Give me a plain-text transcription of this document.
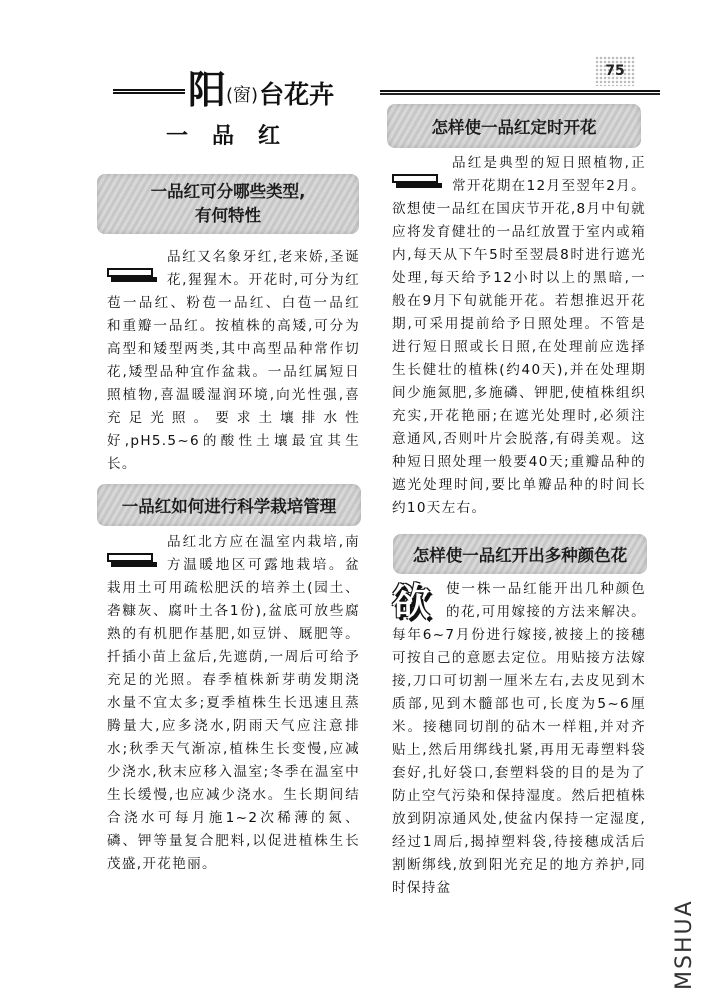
阳 (窗) 台花卉
75
一品红
一品红可分哪些类型,
有何特性

品红又名象牙红,老来娇,圣诞花,猩猩木。开花时,可分为红苞一品红、粉苞一品红、白苞一品红和重瓣一品红。按植株的高矮,可分为高型和矮型两类,其中高型品种常作切花,矮型品种宜作盆栽。一品红属短日照植物,喜温暖湿润环境,向光性强,喜充足光照。要求土壤排水性好,pH5.5~6的酸性土壤最宜其生长。

一品红如何进行科学栽培管理

品红北方应在温室内栽培,南方温暖地区可露地栽培。盆栽用土可用疏松肥沃的培养土(园土、砻糠灰、腐叶土各1份),盆底可放些腐熟的有机肥作基肥,如豆饼、厩肥等。扦插小苗上盆后,先遮荫,一周后可给予充足的光照。春季植株新芽萌发期浇水量不宜太多;夏季植株生长迅速且蒸腾量大,应多浇水,阴雨天气应注意排水;秋季天气渐凉,植株生长变慢,应减少浇水,秋末应移入温室;冬季在温室中生长缓慢,也应减少浇水。生长期间结合浇水可每月施1~2次稀薄的氮、磷、钾等量复合肥料,以促进植株生长茂盛,开花艳丽。

怎样使一品红定时开花

品红是典型的短日照植物,正常开花期在12月至翌年2月。欲想使一品红在国庆节开花,8月中旬就应将发育健壮的一品红放置于室内或箱内,每天从下午5时至翌晨8时进行遮光处理,每天给予12小时以上的黑暗,一般在9月下旬就能开花。若想推迟开花期,可采用提前给予日照处理。不管是进行短日照或长日照,在处理前应选择生长健壮的植株(约40天),并在处理期间少施氮肥,多施磷、钾肥,使植株组织充实,开花艳丽;在遮光处理时,必须注意通风,否则叶片会脱落,有碍美观。这种短日照处理一般要40天;重瓣品种的遮光处理时间,要比单瓣品种的时间长约10天左右。

怎样使一品红开出多种颜色花
欲	使一株一品红能开出几种颜色的花,可用嫁接的方法来解决。每年6~7月份进行嫁接,被接上的接穗可按自己的意愿去定位。用贴接方法嫁接,刀口可切割一厘米左右,去皮见到木质部,见到木髓部也可,长度为5~6厘米。接穗同切削的砧木一样粗,并对齐贴上,然后用绑线扎紧,再用无毒塑料袋套好,扎好袋口,套塑料袋的目的是为了防止空气污染和保持湿度。然后把植株放到阴凉通风处,使盆内保持一定湿度,经过1周后,揭掉塑料袋,待接穗成活后割断绑线,放到阳光充足的地方养护,同时保持盆

MSHUA
